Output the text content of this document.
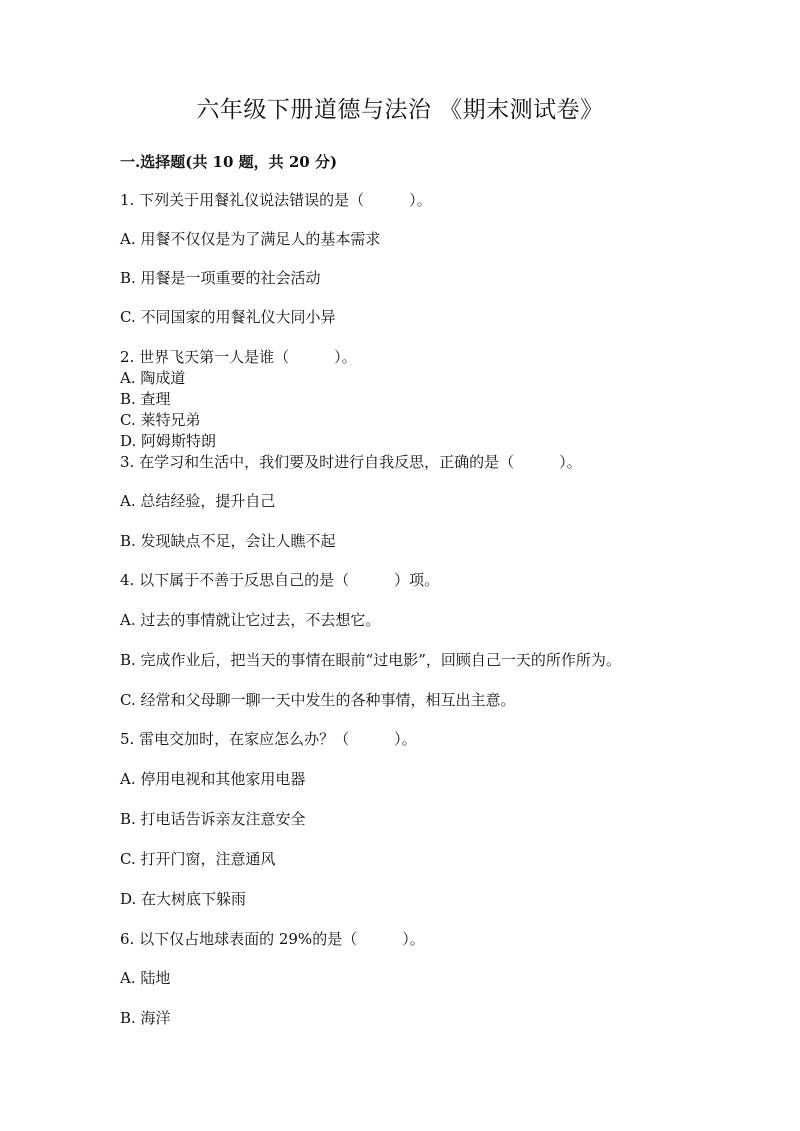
六年级下册道德与法治 《期末测试卷》
一.选择题(共 10 题，共 20 分)
1. 下列关于用餐礼仪说法错误的是（　　　）。
A. 用餐不仅仅是为了满足人的基本需求
B. 用餐是一项重要的社会活动
C. 不同国家的用餐礼仪大同小异
2. 世界飞天第一人是谁（　　　）。
A. 陶成道
B. 查理
C. 莱特兄弟
D. 阿姆斯特朗
3. 在学习和生活中，我们要及时进行自我反思，正确的是（　　　）。
A. 总结经验，提升自己
B. 发现缺点不足，会让人瞧不起
4. 以下属于不善于反思自己的是（　　　）项。
A. 过去的事情就让它过去，不去想它。
B. 完成作业后，把当天的事情在眼前“过电影”，回顾自己一天的所作所为。
C. 经常和父母聊一聊一天中发生的各种事情，相互出主意。
5. 雷电交加时，在家应怎么办？（　　　）。
A. 停用电视和其他家用电器
B. 打电话告诉亲友注意安全
C. 打开门窗，注意通风
D. 在大树底下躲雨
6. 以下仅占地球表面的 29%的是（　　　）。
A. 陆地
B. 海洋
